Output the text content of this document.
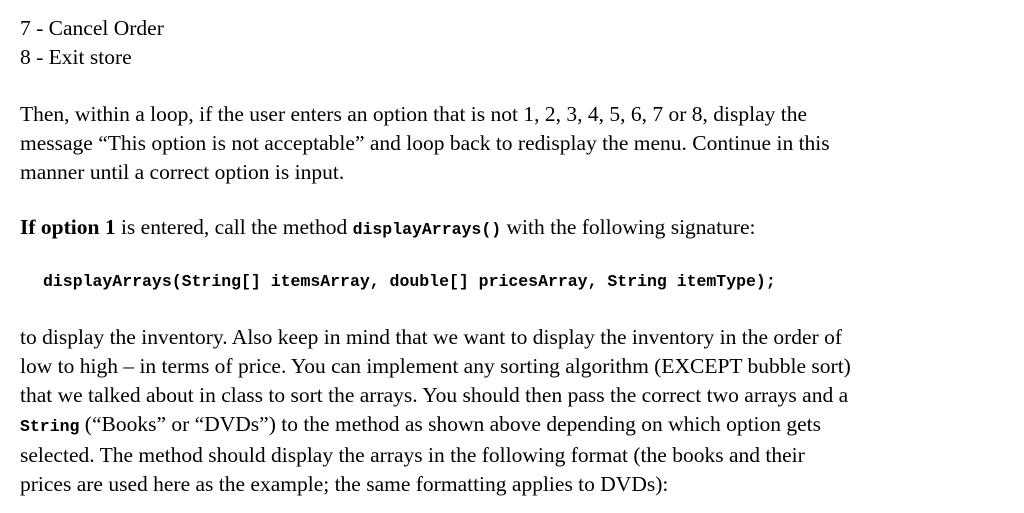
7 - Cancel Order
8 - Exit store
Then, within a loop, if the user enters an option that is not 1, 2, 3, 4, 5, 6, 7 or 8, display the
message “This option is not acceptable” and loop back to redisplay the menu. Continue in this
manner until a correct option is input.
If option 1 is entered, call the method displayArrays() with the following signature:
displayArrays(String[] itemsArray, double[] pricesArray, String itemType);
to display the inventory. Also keep in mind that we want to display the inventory in the order of
low to high – in terms of price. You can implement any sorting algorithm (EXCEPT bubble sort)
that we talked about in class to sort the arrays. You should then pass the correct two arrays and a
String (“Books” or “DVDs”) to the method as shown above depending on which option gets
selected. The method should display the arrays in the following format (the books and their
prices are used here as the example; the same formatting applies to DVDs):
